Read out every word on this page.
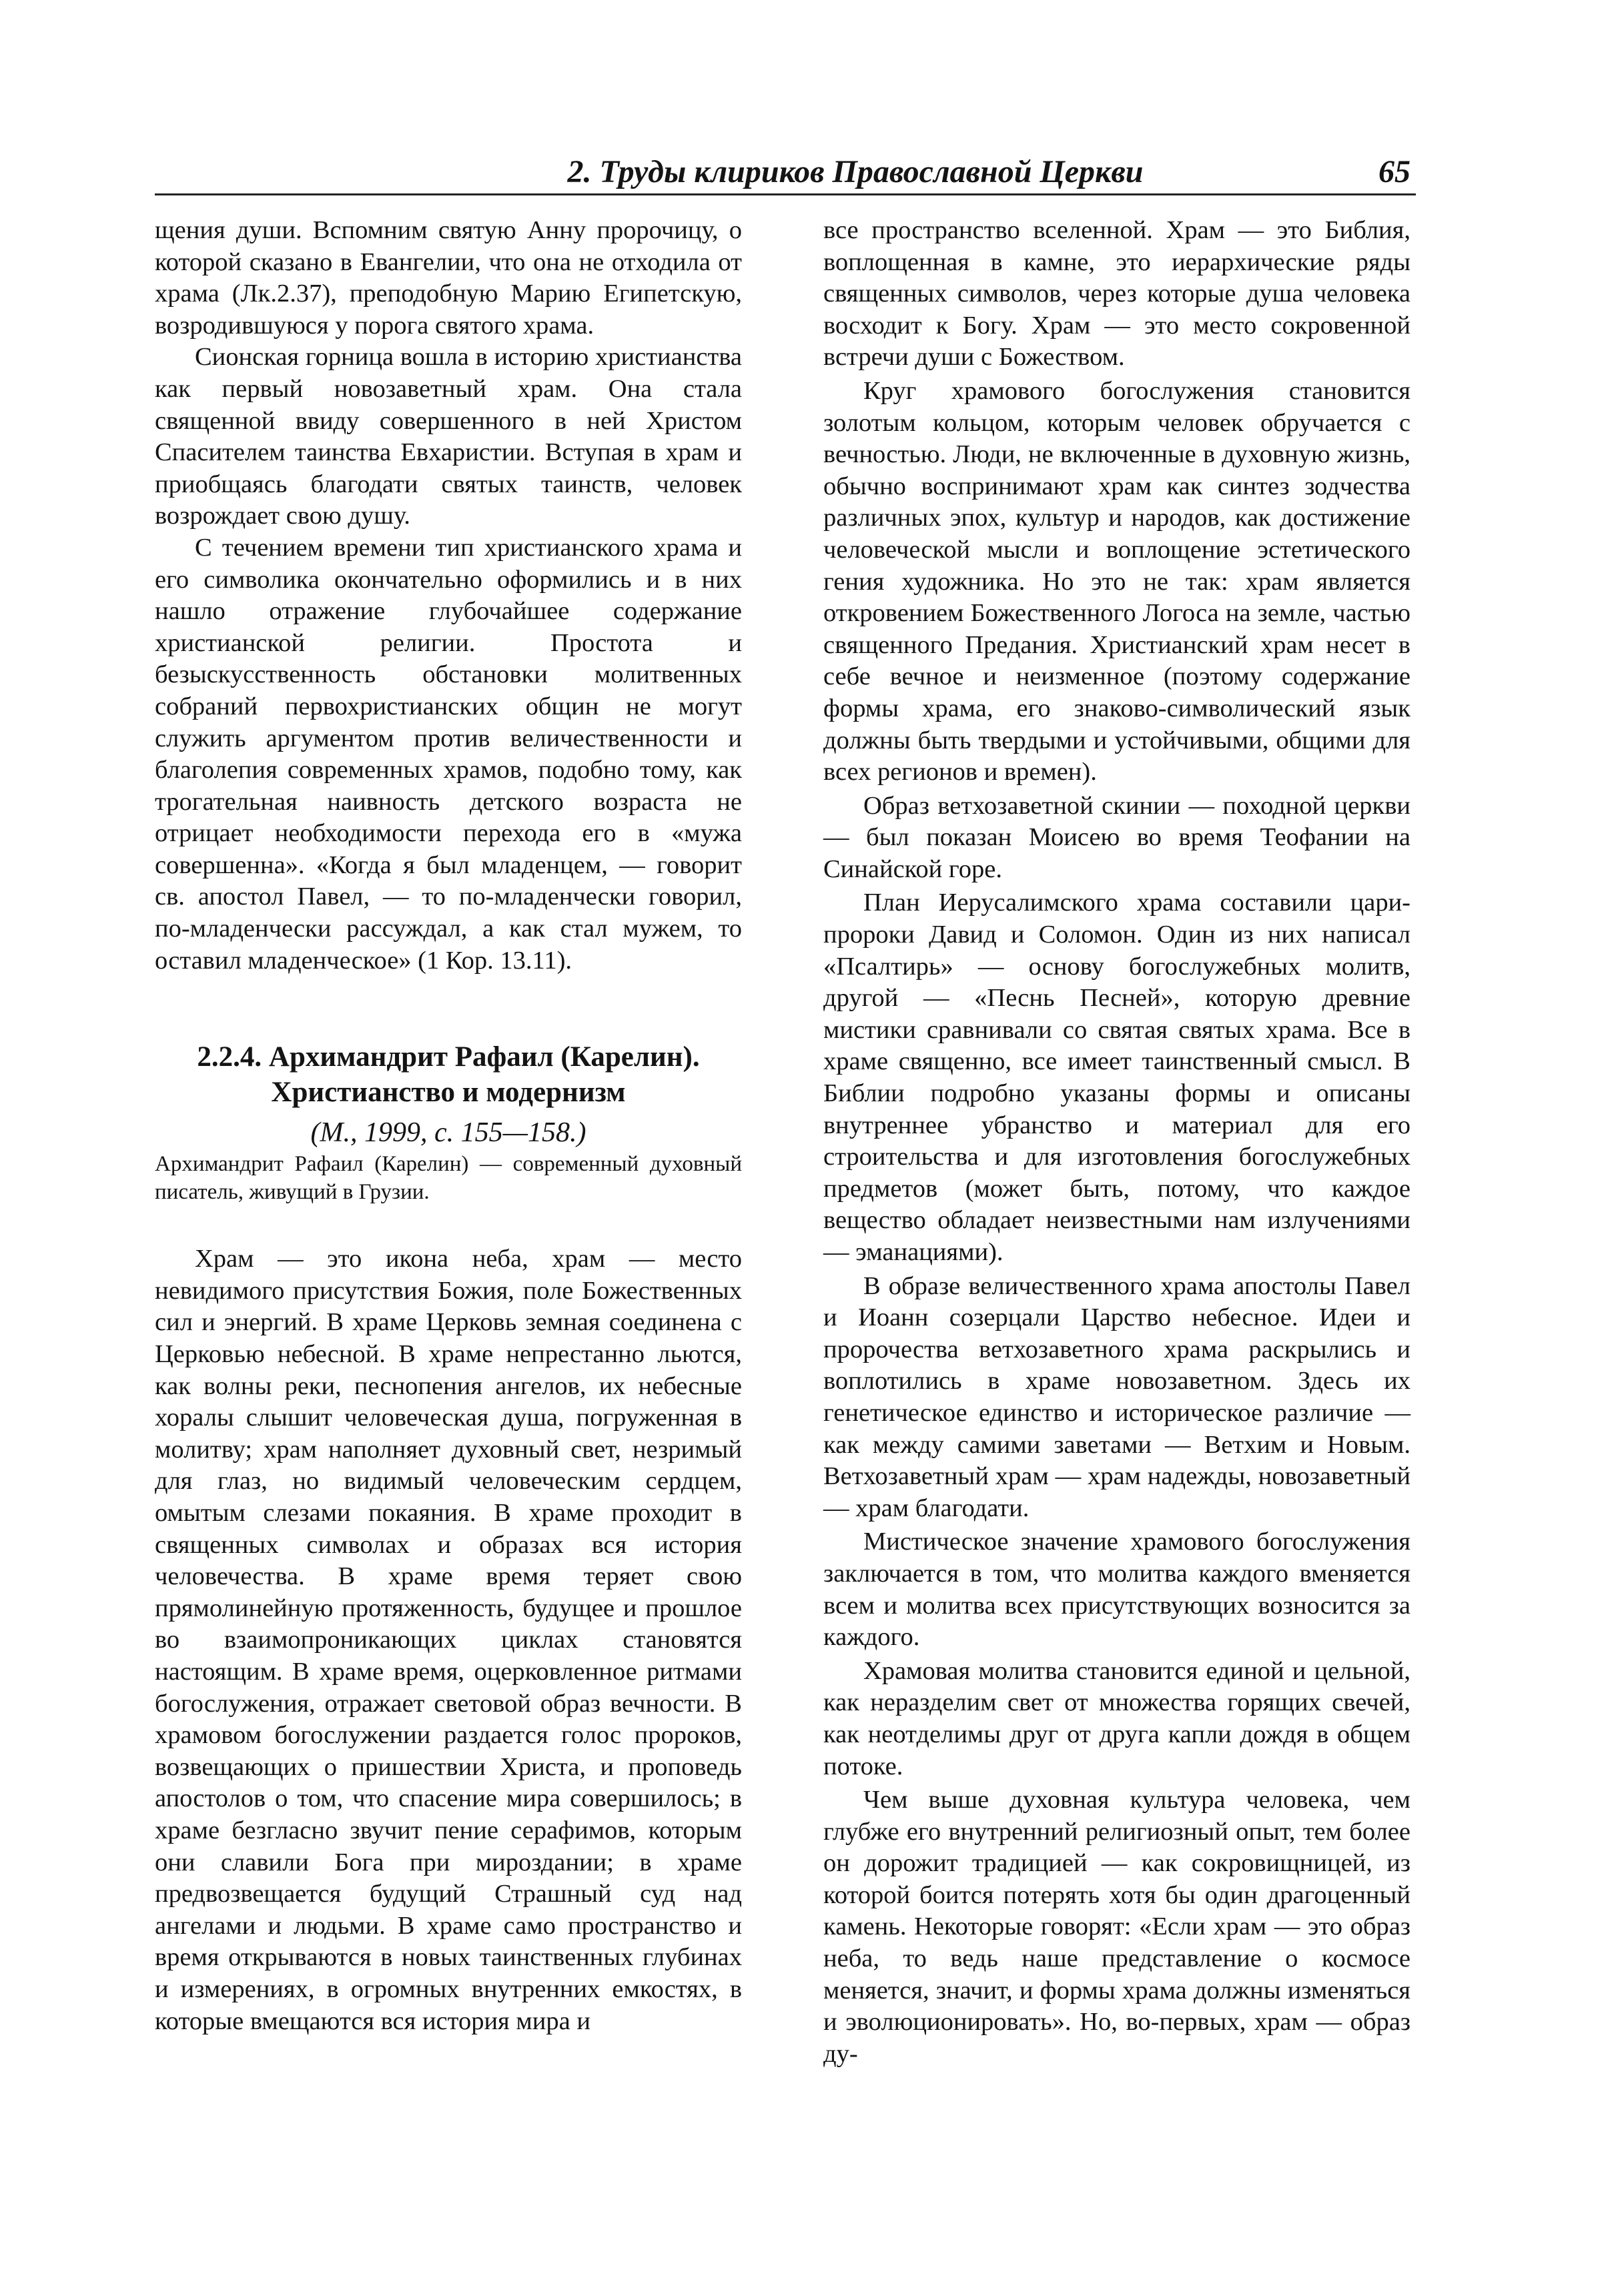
2. Труды клириков Православной Церкви	65

щения души. Вспомним святую Анну пророчицу, о которой сказано в Евангелии, что она не отходила от храма (Лк.2.37), преподобную Марию Египетскую, возродившуюся у порога святого храма.

Сионская горница вошла в историю христианства как первый новозаветный храм. Она стала священной ввиду совершенного в ней Христом Спасителем таинства Евхаристии. Вступая в храм и приобщаясь благодати святых таинств, человек возрождает свою душу.

С течением времени тип христианского храма и его символика окончательно оформились и в них нашло отражение глубочайшее содержание христианской религии. Простота и безыскусственность обстановки молитвенных собраний первохристианских общин не могут служить аргументом против величественности и благолепия современных храмов, подобно тому, как трогательная наивность детского возраста не отрицает необходимости перехода его в «мужа совершенна». «Когда я был младенцем, — говорит св. апостол Павел, — то по-младенчески говорил, по-младенчески рассуждал, а как стал мужем, то оставил младенческое» (1 Кор. 13.11).

2.2.4. Архимандрит Рафаил (Карелин).
Христианство и модернизм
(М., 1999, с. 155—158.)

Архимандрит Рафаил (Карелин) — современный духовный писатель, живущий в Грузии.

Храм — это икона неба, храм — место невидимого присутствия Божия, поле Божественных сил и энергий. В храме Церковь земная соединена с Церковью небесной. В храме непрестанно льются, как волны реки, песнопения ангелов, их небесные хоралы слышит человеческая душа, погруженная в молитву; храм наполняет духовный свет, незримый для глаз, но видимый человеческим сердцем, омытым слезами покаяния. В храме проходит в священных символах и образах вся история человечества. В храме время теряет свою прямолинейную протяженность, будущее и прошлое во взаимопроникающих циклах становятся настоящим. В храме время, оцерковленное ритмами богослужения, отражает световой образ вечности. В храмовом богослужении раздается голос пророков, возвещающих о пришествии Христа, и проповедь апостолов о том, что спасение мира совершилось; в храме безгласно звучит пение серафимов, которым они славили Бога при мироздании; в храме предвозвещается будущий Страшный суд над ангелами и людьми. В храме само пространство и время открываются в новых таинственных глубинах и измерениях, в огромных внутренних емкостях, в которые вмещаются вся история мира и

все пространство вселенной. Храм — это Библия, воплощенная в камне, это иерархические ряды священных символов, через которые душа человека восходит к Богу. Храм — это место сокровенной встречи души с Божеством.

Круг храмового богослужения становится золотым кольцом, которым человек обручается с вечностью. Люди, не включенные в духовную жизнь, обычно воспринимают храм как синтез зодчества различных эпох, культур и народов, как достижение человеческой мысли и воплощение эстетического гения художника. Но это не так: храм является откровением Божественного Логоса на земле, частью священного Предания. Христианский храм несет в себе вечное и неизменное (поэтому содержание формы храма, его знаково-символический язык должны быть твердыми и устойчивыми, общими для всех регионов и времен).

Образ ветхозаветной скинии — походной церкви — был показан Моисею во время Теофании на Синайской горе.

План Иерусалимского храма составили цари-пророки Давид и Соломон. Один из них написал «Псалтирь» — основу богослужебных молитв, другой — «Песнь Песней», которую древние мистики сравнивали со святая святых храма. Все в храме священно, все имеет таинственный смысл. В Библии подробно указаны формы и описаны внутреннее убранство и материал для его строительства и для изготовления богослужебных предметов (может быть, потому, что каждое вещество обладает неизвестными нам излучениями — эманациями).

В образе величественного храма апостолы Павел и Иоанн созерцали Царство небесное. Идеи и пророчества ветхозаветного храма раскрылись и воплотились в храме новозаветном. Здесь их генетическое единство и историческое различие — как между самими заветами — Ветхим и Новым. Ветхозаветный храм — храм надежды, новозаветный — храм благодати.

Мистическое значение храмового богослужения заключается в том, что молитва каждого вменяется всем и молитва всех присутствующих возносится за каждого.

Храмовая молитва становится единой и цельной, как неразделим свет от множества горящих свечей, как неотделимы друг от друга капли дождя в общем потоке.

Чем выше духовная культура человека, чем глубже его внутренний религиозный опыт, тем более он дорожит традицией — как сокровищницей, из которой боится потерять хотя бы один драгоценный камень. Некоторые говорят: «Если храм — это образ неба, то ведь наше представление о космосе меняется, значит, и формы храма должны изменяться и эволюционировать». Но, во-первых, храм — образ ду-
